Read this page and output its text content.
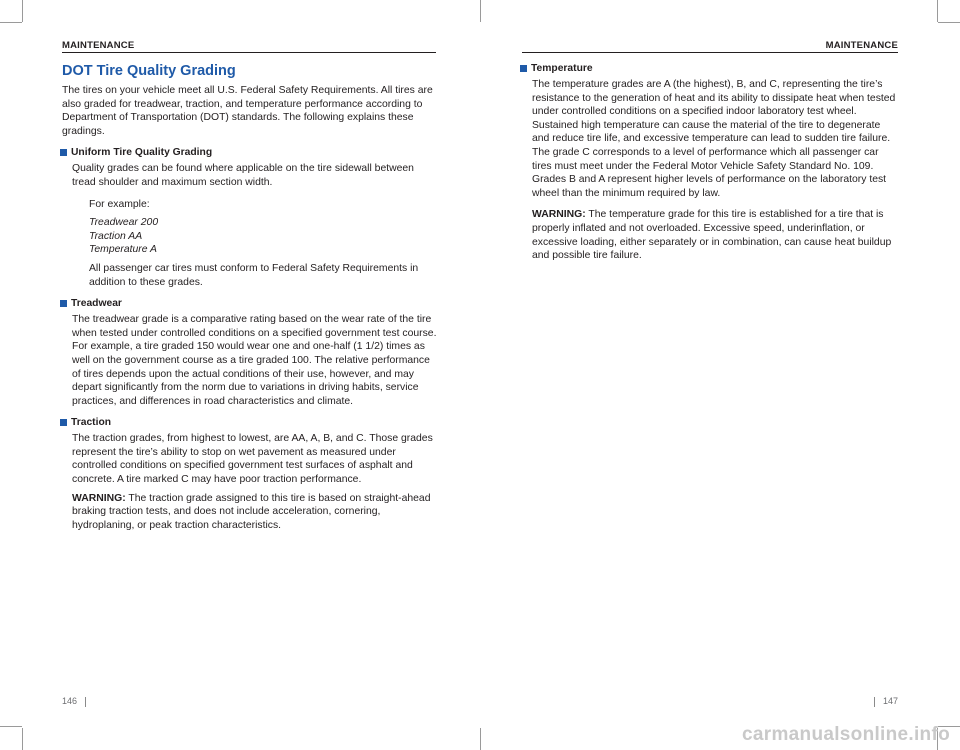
MAINTENANCE
DOT Tire Quality Grading

The tires on your vehicle meet all U.S. Federal Safety Requirements. All tires are also graded for treadwear, traction, and temperature performance according to Department of Transportation (DOT) standards. The following explains these gradings.

Uniform Tire Quality Grading

Quality grades can be found where applicable on the tire sidewall between tread shoulder and maximum section width.

For example:

Treadwear 200

Traction AA

Temperature A

All passenger car tires must conform to Federal Safety Requirements in addition to these grades.

Treadwear

The treadwear grade is a comparative rating based on the wear rate of the tire when tested under controlled conditions on a specified government test course. For example, a tire graded 150 would wear one and one-half (1 1/2) times as well on the government course as a tire graded 100. The relative performance of tires depends upon the actual conditions of their use, however, and may depart significantly from the norm due to variations in driving habits, service practices, and differences in road characteristics and climate.

Traction

The traction grades, from highest to lowest, are AA, A, B, and C. Those grades represent the tire’s ability to stop on wet pavement as measured under controlled conditions on specified government test surfaces of asphalt and concrete. A tire marked C may have poor traction performance.

WARNING: The traction grade assigned to this tire is based on straight-ahead braking traction tests, and does not include acceleration, cornering, hydroplaning, or peak traction characteristics.

146
MAINTENANCE
Temperature

The temperature grades are A (the highest), B, and C, representing the tire’s resistance to the generation of heat and its ability to dissipate heat when tested under controlled conditions on a specified indoor laboratory test wheel. Sustained high temperature can cause the material of the tire to degenerate and reduce tire life, and excessive temperature can lead to sudden tire failure. The grade C corresponds to a level of performance which all passenger car tires must meet under the Federal Motor Vehicle Safety Standard No. 109. Grades B and A represent higher levels of performance on the laboratory test wheel than the minimum required by law.

WARNING: The temperature grade for this tire is established for a tire that is properly inflated and not overloaded. Excessive speed, underinflation, or excessive loading, either separately or in combination, can cause heat buildup and possible tire failure.

147
carmanualsonline.info
